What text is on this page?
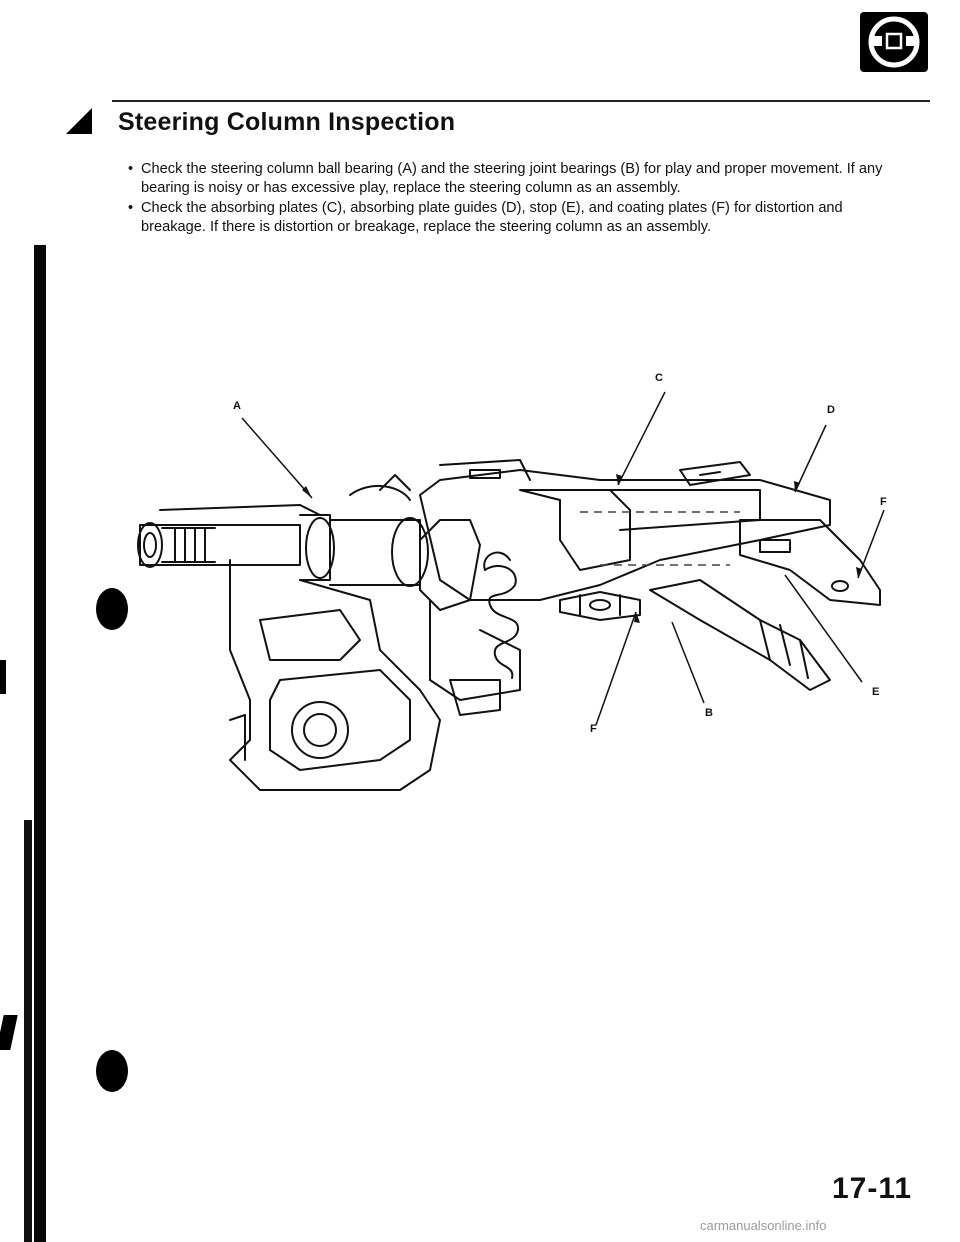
Steering Column Inspection
• Check the steering column ball bearing (A) and the steering joint bearings (B) for play and proper movement. If any bearing is noisy or has excessive play, replace the steering column as an assembly.
• Check the absorbing plates (C), absorbing plate guides (D), stop (E), and coating plates (F) for distortion and breakage. If there is distortion or breakage, replace the steering column as an assembly.
A
C
D
F
E
B
F
17-11
carmanualsonline.info
